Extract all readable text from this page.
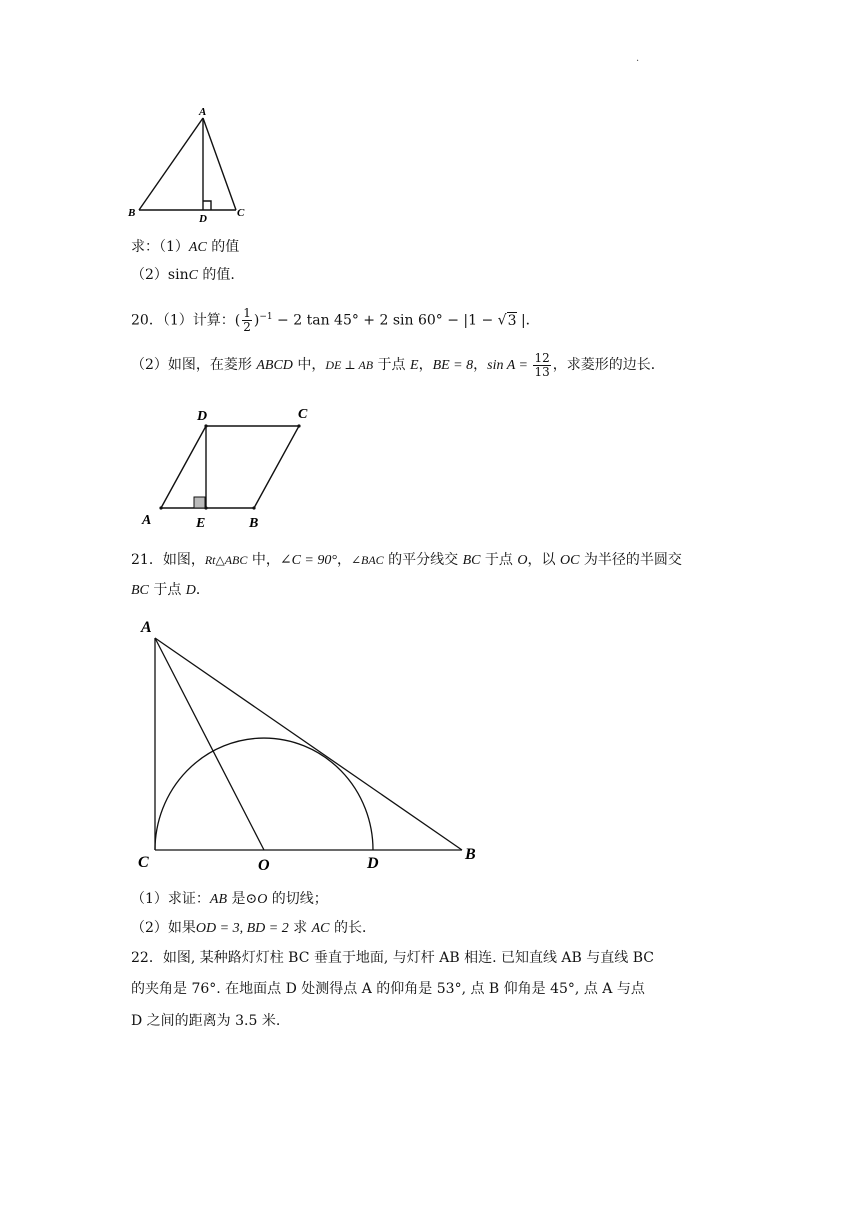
·
A
B	C
D
求：（1）AC 的值
（2）sinC 的值.
20．（1）计算：( $\frac{1}{2} )^{-1} - 2$ tan 45° + 2 sin 60° − |1 − √3 |．
（2）如图，在菱形 ABCD 中，DE ⊥ AB 于点 E，BE = 8，$\sin A = \frac{12}{13}$ ，求菱形的边长．
D	C
A	E	B
21．如图，Rt△ABC 中，∠C = 90°，∠BAC 的平分线交 BC 于点 O，以 OC 为半径的半圆交
BC 于点 D．
A
C	O	D
B
（1）求证：AB 是⊙O 的切线；
（2）如果OD = 3, BD = 2 求 AC 的长．
22．如图, 某种路灯灯柱 BC 垂直于地面, 与灯杆 AB 相连. 已知直线 AB 与直线 BC
的夹角是 76°. 在地面点 D 处测得点 A 的仰角是 53°, 点 B 仰角是 45°, 点 A 与点
D 之间的距离为 3.5 米.
